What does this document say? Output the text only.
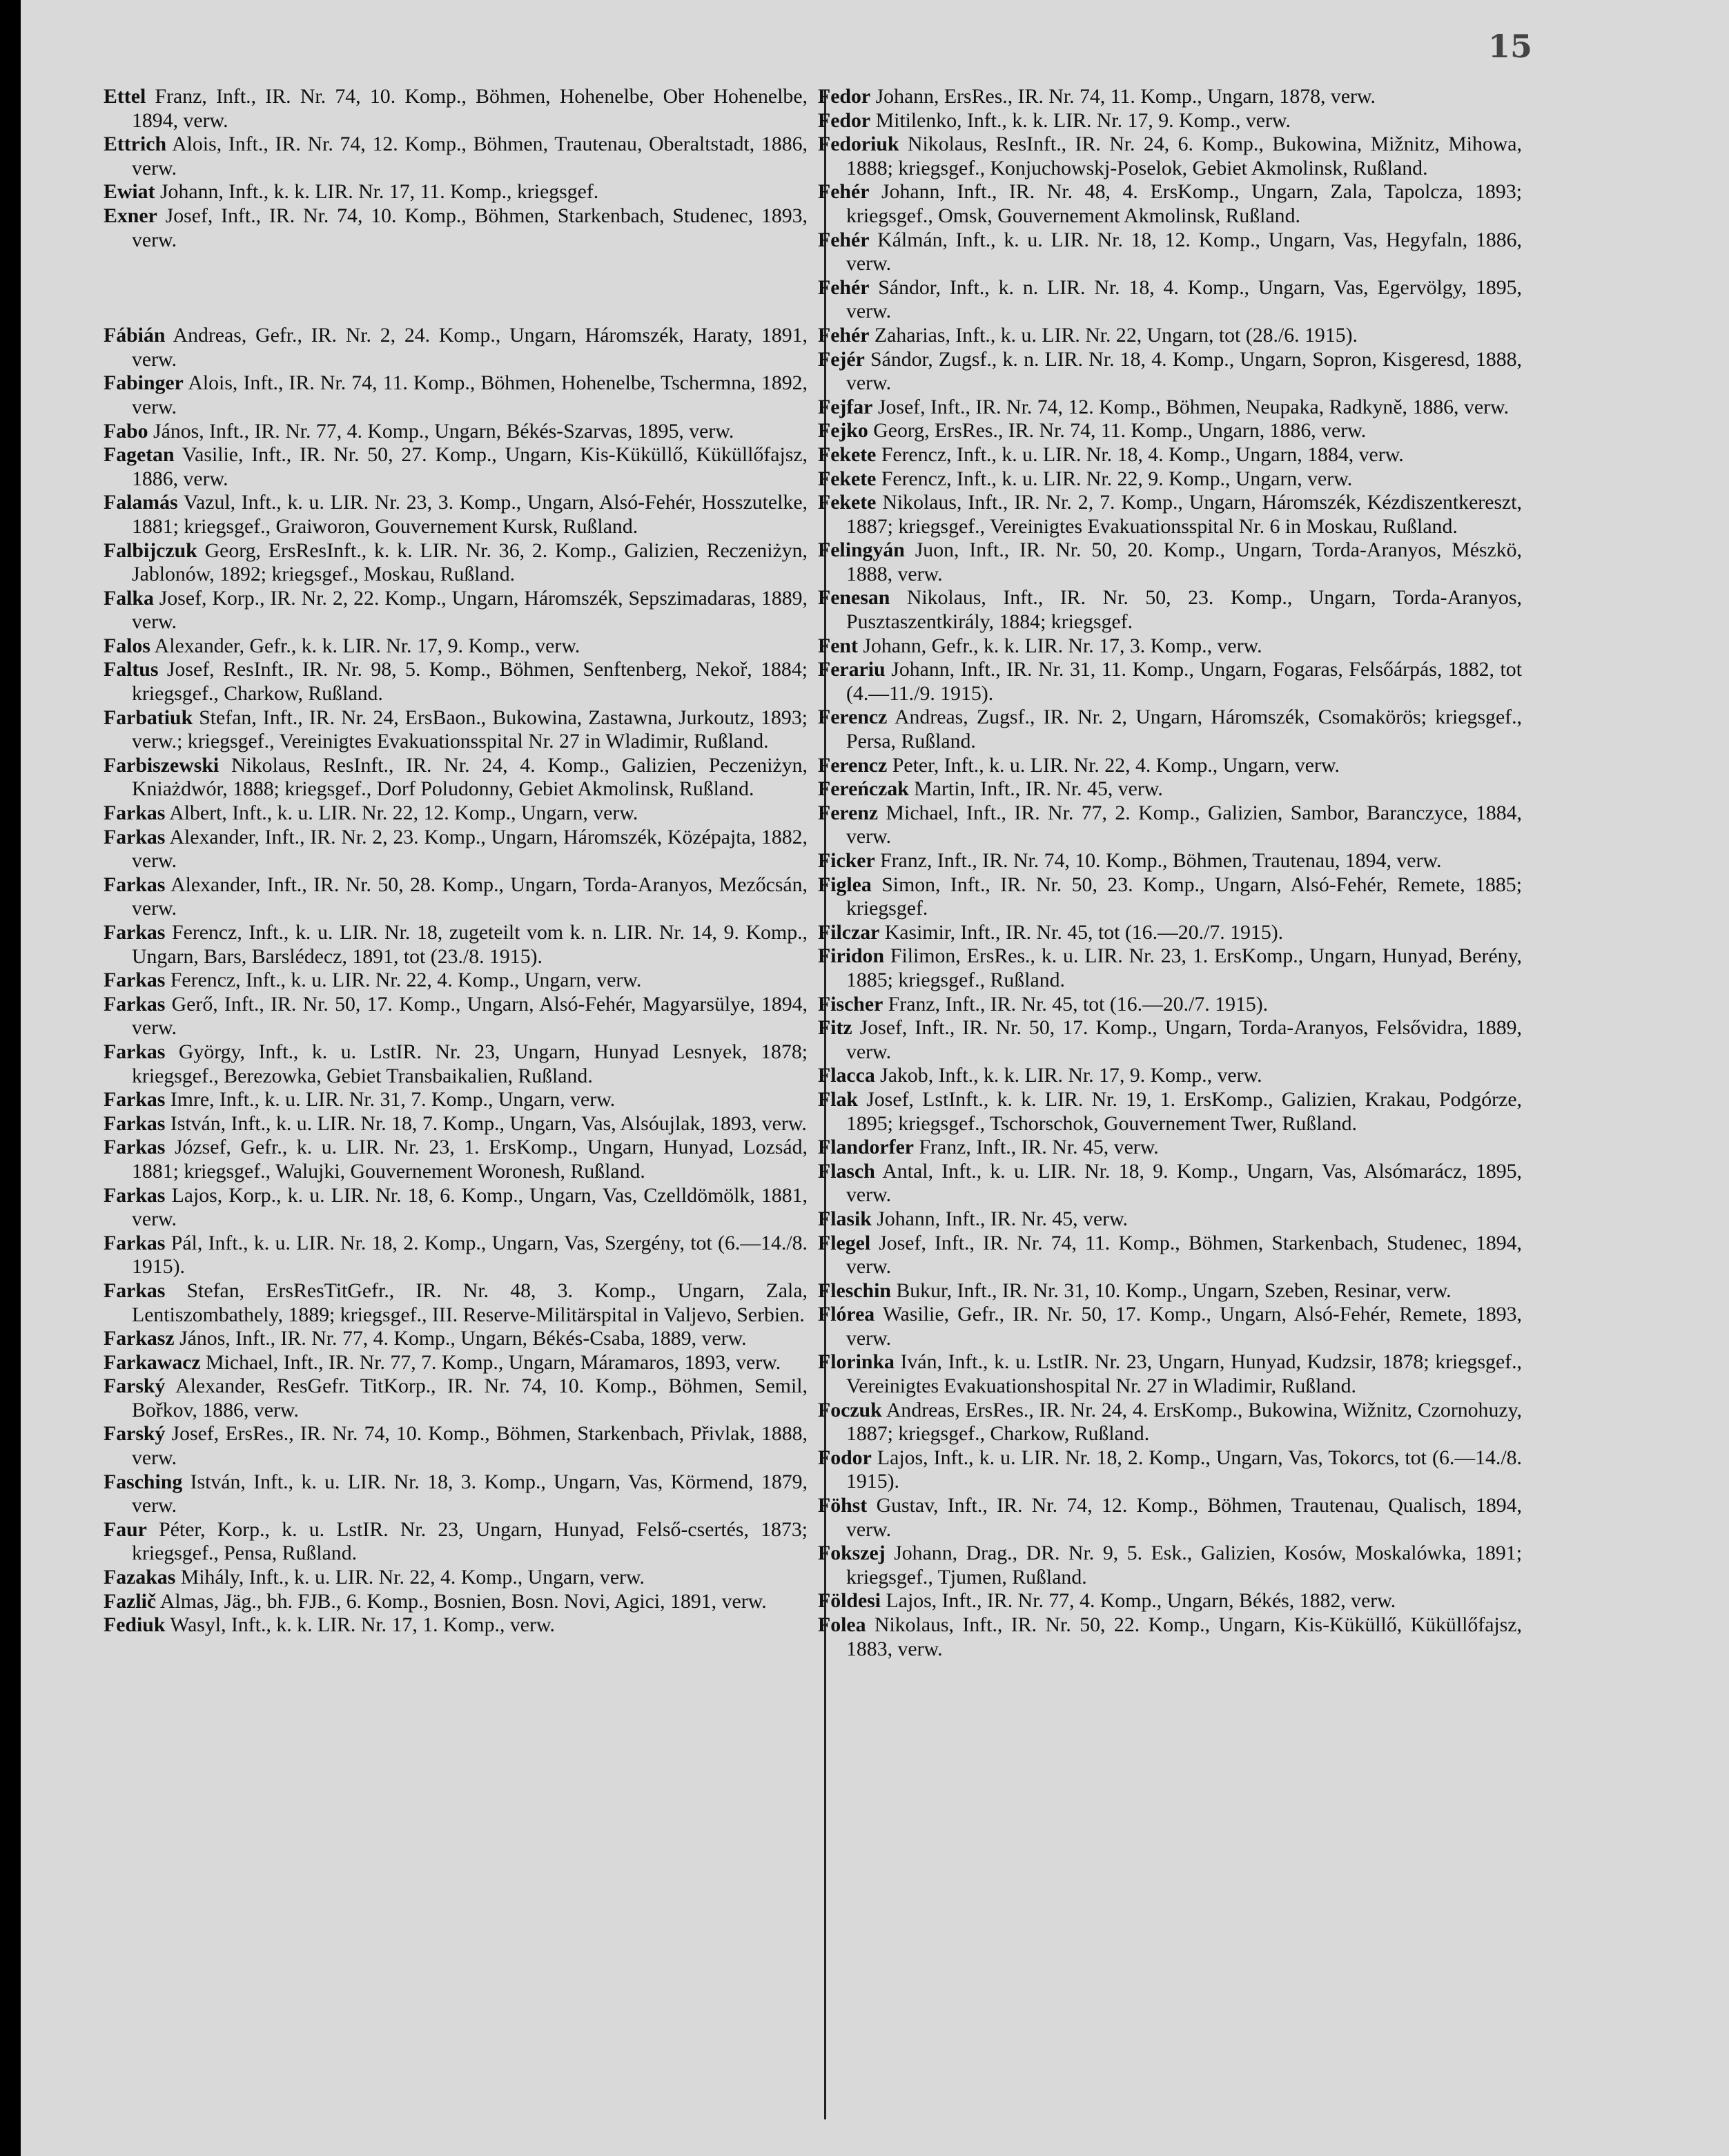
15
Ettel Franz, Inft., IR. Nr. 74, 10. Komp., Böhmen, Hohenelbe, Ober Hohenelbe, 1894, verw.
Ettrich Alois, Inft., IR. Nr. 74, 12. Komp., Böhmen, Trautenau, Oberaltstadt, 1886, verw.
Ewiat Johann, Inft., k. k. LIR. Nr. 17, 11. Komp., kriegsgef.
Exner Josef, Inft., IR. Nr. 74, 10. Komp., Böhmen, Starkenbach, Studenec, 1893, verw.
Fábián Andreas, Gefr., IR. Nr. 2, 24. Komp., Ungarn, Háromszék, Haraty, 1891, verw.
Fabinger Alois, Inft., IR. Nr. 74, 11. Komp., Böhmen, Hohenelbe, Tschermna, 1892, verw.
Fabo János, Inft., IR. Nr. 77, 4. Komp., Ungarn, Békés-Szarvas, 1895, verw.
Fagetan Vasilie, Inft., IR. Nr. 50, 27. Komp., Ungarn, Kis-Küküllő, Küküllőfajsz, 1886, verw.
Falamás Vazul, Inft., k. u. LIR. Nr. 23, 3. Komp., Ungarn, Alsó-Fehér, Hosszutelke, 1881; kriegsgef., Graiworon, Gouvernement Kursk, Rußland.
Falbijczuk Georg, ErsResInft., k. k. LIR. Nr. 36, 2. Komp., Galizien, Reczeniżyn, Jablonów, 1892; kriegsgef., Moskau, Rußland.
Falka Josef, Korp., IR. Nr. 2, 22. Komp., Ungarn, Háromszék, Sepszimadaras, 1889, verw.
Falos Alexander, Gefr., k. k. LIR. Nr. 17, 9. Komp., verw.
Faltus Josef, ResInft., IR. Nr. 98, 5. Komp., Böhmen, Senftenberg, Nekoř, 1884; kriegsgef., Charkow, Rußland.
Farbatiuk Stefan, Inft., IR. Nr. 24, ErsBaon., Bukowina, Zastawna, Jurkoutz, 1893; verw.; kriegsgef., Vereinigtes Evakuationsspital Nr. 27 in Wladimir, Rußland.
Farbiszewski Nikolaus, ResInft., IR. Nr. 24, 4. Komp., Galizien, Peczeniżyn, Kniażdwór, 1888; kriegsgef., Dorf Poludonny, Gebiet Akmolinsk, Rußland.
Farkas Albert, Inft., k. u. LIR. Nr. 22, 12. Komp., Ungarn, verw.
Farkas Alexander, Inft., IR. Nr. 2, 23. Komp., Ungarn, Háromszék, Középajta, 1882, verw.
Farkas Alexander, Inft., IR. Nr. 50, 28. Komp., Ungarn, Torda-Aranyos, Mezőcsán, verw.
Farkas Ferencz, Inft., k. u. LIR. Nr. 18, zugeteilt vom k. n. LIR. Nr. 14, 9. Komp., Ungarn, Bars, Barslédecz, 1891, tot (23./8. 1915).
Farkas Ferencz, Inft., k. u. LIR. Nr. 22, 4. Komp., Ungarn, verw.
Farkas Gerő, Inft., IR. Nr. 50, 17. Komp., Ungarn, Alsó-Fehér, Magyarsülye, 1894, verw.
Farkas György, Inft., k. u. LstIR. Nr. 23, Ungarn, Hunyad Lesnyek, 1878; kriegsgef., Berezowka, Gebiet Transbaikalien, Rußland.
Farkas Imre, Inft., k. u. LIR. Nr. 31, 7. Komp., Ungarn, verw.
Farkas István, Inft., k. u. LIR. Nr. 18, 7. Komp., Ungarn, Vas, Alsóujlak, 1893, verw.
Farkas József, Gefr., k. u. LIR. Nr. 23, 1. ErsKomp., Ungarn, Hunyad, Lozsád, 1881; kriegsgef., Walujki, Gouvernement Woronesh, Rußland.
Farkas Lajos, Korp., k. u. LIR. Nr. 18, 6. Komp., Ungarn, Vas, Czelldömölk, 1881, verw.
Farkas Pál, Inft., k. u. LIR. Nr. 18, 2. Komp., Ungarn, Vas, Szergény, tot (6.—14./8. 1915).
Farkas Stefan, ErsResTitGefr., IR. Nr. 48, 3. Komp., Ungarn, Zala, Lentiszombathely, 1889; kriegsgef., III. Reserve-Militärspital in Valjevo, Serbien.
Farkasz János, Inft., IR. Nr. 77, 4. Komp., Ungarn, Békés-Csaba, 1889, verw.
Farkawacz Michael, Inft., IR. Nr. 77, 7. Komp., Ungarn, Máramaros, 1893, verw.
Farský Alexander, ResGefr. TitKorp., IR. Nr. 74, 10. Komp., Böhmen, Semil, Bořkov, 1886, verw.
Farský Josef, ErsRes., IR. Nr. 74, 10. Komp., Böhmen, Starkenbach, Přivlak, 1888, verw.
Fasching István, Inft., k. u. LIR. Nr. 18, 3. Komp., Ungarn, Vas, Körmend, 1879, verw.
Faur Péter, Korp., k. u. LstIR. Nr. 23, Ungarn, Hunyad, Felső-csertés, 1873; kriegsgef., Pensa, Rußland.
Fazakas Mihály, Inft., k. u. LIR. Nr. 22, 4. Komp., Ungarn, verw.
Fazlič Almas, Jäg., bh. FJB., 6. Komp., Bosnien, Bosn. Novi, Agici, 1891, verw.
Fediuk Wasyl, Inft., k. k. LIR. Nr. 17, 1. Komp., verw.
Fedor Johann, ErsRes., IR. Nr. 74, 11. Komp., Ungarn, 1878, verw.
Fedor Mitilenko, Inft., k. k. LIR. Nr. 17, 9. Komp., verw.
Fedoriuk Nikolaus, ResInft., IR. Nr. 24, 6. Komp., Bukowina, Mižnitz, Mihowa, 1888; kriegsgef., Konjuchowskj-Poselok, Gebiet Akmolinsk, Rußland.
Fehér Johann, Inft., IR. Nr. 48, 4. ErsKomp., Ungarn, Zala, Tapolcza, 1893; kriegsgef., Omsk, Gouvernement Akmolinsk, Rußland.
Fehér Kálmán, Inft., k. u. LIR. Nr. 18, 12. Komp., Ungarn, Vas, Hegyfaln, 1886, verw.
Fehér Sándor, Inft., k. n. LIR. Nr. 18, 4. Komp., Ungarn, Vas, Egervölgy, 1895, verw.
Fehér Zaharias, Inft., k. u. LIR. Nr. 22, Ungarn, tot (28./6. 1915).
Fejér Sándor, Zugsf., k. n. LIR. Nr. 18, 4. Komp., Ungarn, Sopron, Kisgeresd, 1888, verw.
Fejfar Josef, Inft., IR. Nr. 74, 12. Komp., Böhmen, Neupaka, Radkyně, 1886, verw.
Fejko Georg, ErsRes., IR. Nr. 74, 11. Komp., Ungarn, 1886, verw.
Fekete Ferencz, Inft., k. u. LIR. Nr. 18, 4. Komp., Ungarn, 1884, verw.
Fekete Ferencz, Inft., k. u. LIR. Nr. 22, 9. Komp., Ungarn, verw.
Fekete Nikolaus, Inft., IR. Nr. 2, 7. Komp., Ungarn, Háromszék, Kézdiszentkereszt, 1887; kriegsgef., Vereinigtes Evakuationsspital Nr. 6 in Moskau, Rußland.
Felingyán Juon, Inft., IR. Nr. 50, 20. Komp., Ungarn, Torda-Aranyos, Mészkö, 1888, verw.
Fenesan Nikolaus, Inft., IR. Nr. 50, 23. Komp., Ungarn, Torda-Aranyos, Pusztaszentkirály, 1884; kriegsgef.
Fent Johann, Gefr., k. k. LIR. Nr. 17, 3. Komp., verw.
Ferariu Johann, Inft., IR. Nr. 31, 11. Komp., Ungarn, Fogaras, Felsőárpás, 1882, tot (4.—11./9. 1915).
Ferencz Andreas, Zugsf., IR. Nr. 2, Ungarn, Háromszék, Csomakörös; kriegsgef., Persa, Rußland.
Ferencz Peter, Inft., k. u. LIR. Nr. 22, 4. Komp., Ungarn, verw.
Fereńczak Martin, Inft., IR. Nr. 45, verw.
Ferenz Michael, Inft., IR. Nr. 77, 2. Komp., Galizien, Sambor, Baranczyce, 1884, verw.
Ficker Franz, Inft., IR. Nr. 74, 10. Komp., Böhmen, Trautenau, 1894, verw.
Figlea Simon, Inft., IR. Nr. 50, 23. Komp., Ungarn, Alsó-Fehér, Remete, 1885; kriegsgef.
Filczar Kasimir, Inft., IR. Nr. 45, tot (16.—20./7. 1915).
Firidon Filimon, ErsRes., k. u. LIR. Nr. 23, 1. ErsKomp., Ungarn, Hunyad, Berény, 1885; kriegsgef., Rußland.
Fischer Franz, Inft., IR. Nr. 45, tot (16.—20./7. 1915).
Fitz Josef, Inft., IR. Nr. 50, 17. Komp., Ungarn, Torda-Aranyos, Felsővidra, 1889, verw.
Flacca Jakob, Inft., k. k. LIR. Nr. 17, 9. Komp., verw.
Flak Josef, LstInft., k. k. LIR. Nr. 19, 1. ErsKomp., Galizien, Krakau, Podgórze, 1895; kriegsgef., Tschorschok, Gouvernement Twer, Rußland.
Flandorfer Franz, Inft., IR. Nr. 45, verw.
Flasch Antal, Inft., k. u. LIR. Nr. 18, 9. Komp., Ungarn, Vas, Alsómarácz, 1895, verw.
Flasik Johann, Inft., IR. Nr. 45, verw.
Flegel Josef, Inft., IR. Nr. 74, 11. Komp., Böhmen, Starkenbach, Studenec, 1894, verw.
Fleschin Bukur, Inft., IR. Nr. 31, 10. Komp., Ungarn, Szeben, Resinar, verw.
Flórea Wasilie, Gefr., IR. Nr. 50, 17. Komp., Ungarn, Alsó-Fehér, Remete, 1893, verw.
Florinka Iván, Inft., k. u. LstIR. Nr. 23, Ungarn, Hunyad, Kudzsir, 1878; kriegsgef., Vereinigtes Evakuationshospital Nr. 27 in Wladimir, Rußland.
Foczuk Andreas, ErsRes., IR. Nr. 24, 4. ErsKomp., Bukowina, Wižnitz, Czornohuzy, 1887; kriegsgef., Charkow, Rußland.
Fodor Lajos, Inft., k. u. LIR. Nr. 18, 2. Komp., Ungarn, Vas, Tokorcs, tot (6.—14./8. 1915).
Föhst Gustav, Inft., IR. Nr. 74, 12. Komp., Böhmen, Trautenau, Qualisch, 1894, verw.
Fokszej Johann, Drag., DR. Nr. 9, 5. Esk., Galizien, Kosów, Moskalówka, 1891; kriegsgef., Tjumen, Rußland.
Földesi Lajos, Inft., IR. Nr. 77, 4. Komp., Ungarn, Békés, 1882, verw.
Folea Nikolaus, Inft., IR. Nr. 50, 22. Komp., Ungarn, Kis-Küküllő, Küküllőfajsz, 1883, verw.
